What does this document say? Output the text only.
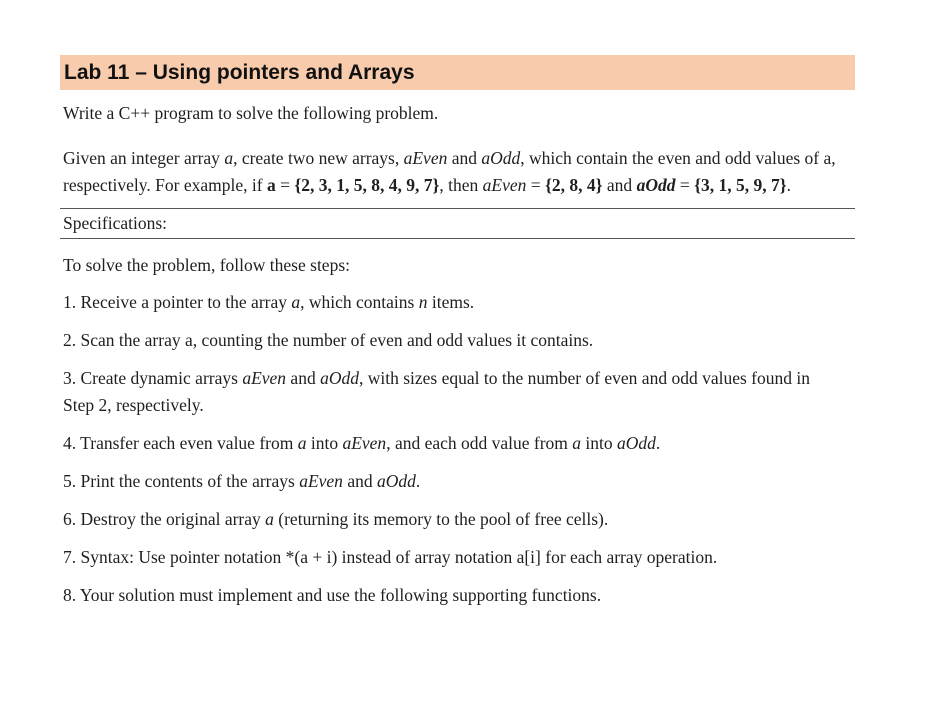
Lab 11 – Using pointers and Arrays
Write a C++ program to solve the following problem.
Given an integer array a, create two new arrays, aEven and aOdd, which contain the even and odd values of a, respectively. For example, if a = {2, 3, 1, 5, 8, 4, 9, 7}, then aEven = {2, 8, 4} and aOdd = {3, 1, 5, 9, 7}.
Specifications:
To solve the problem, follow these steps:
1. Receive a pointer to the array a, which contains n items.
2. Scan the array a, counting the number of even and odd values it contains.
3. Create dynamic arrays aEven and aOdd, with sizes equal to the number of even and odd values found in Step 2, respectively.
4. Transfer each even value from a into aEven, and each odd value from a into aOdd.
5. Print the contents of the arrays aEven and aOdd.
6. Destroy the original array a (returning its memory to the pool of free cells).
7. Syntax: Use pointer notation *(a + i) instead of array notation a[i] for each array operation.
8. Your solution must implement and use the following supporting functions.
